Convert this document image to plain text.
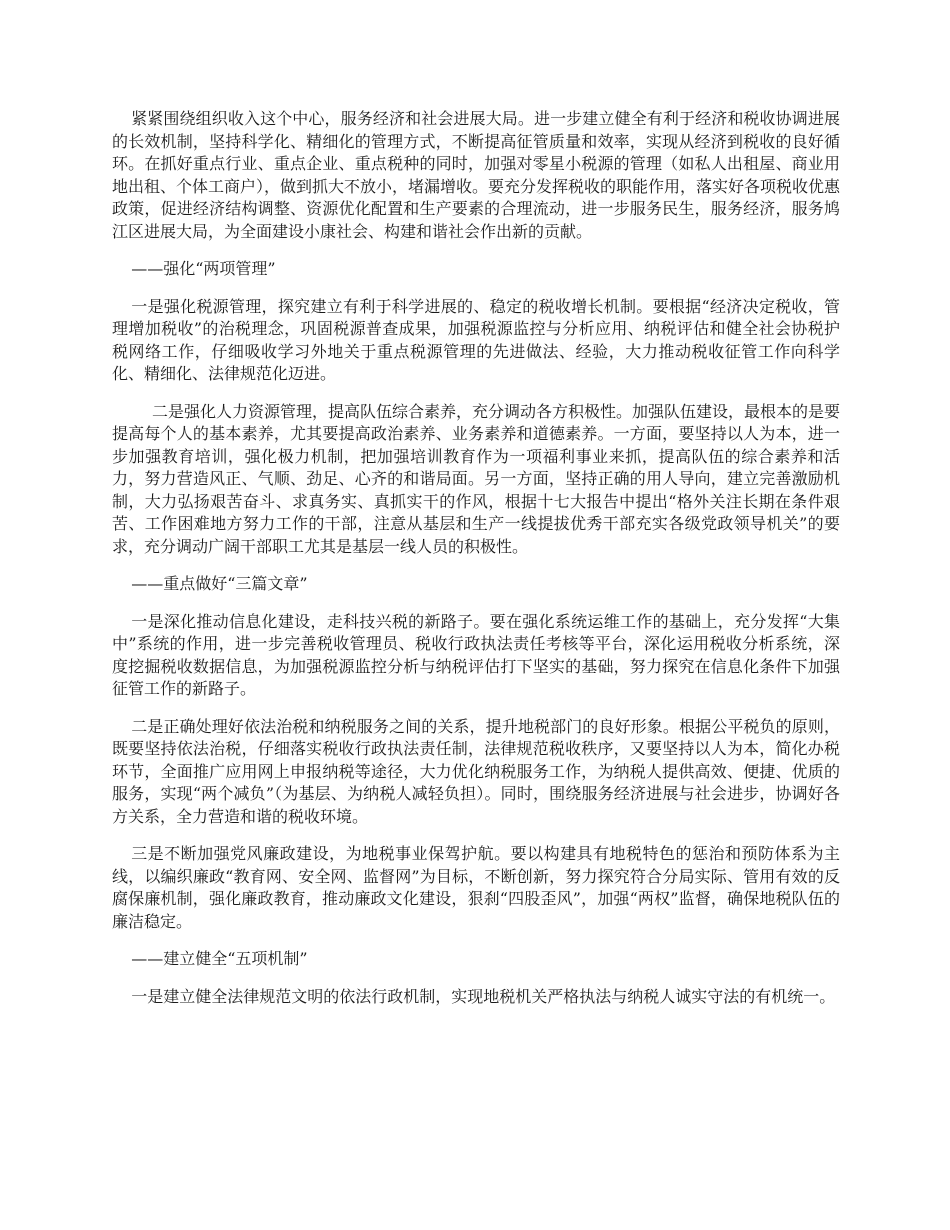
紧紧围绕组织收入这个中心，服务经济和社会进展大局。进一步建立健全有利于经济和税收协调进展的长效机制，坚持科学化、精细化的管理方式，不断提高征管质量和效率，实现从经济到税收的良好循环。在抓好重点行业、重点企业、重点税种的同时，加强对零星小税源的管理（如私人出租屋、商业用地出租、个体工商户），做到抓大不放小，堵漏增收。要充分发挥税收的职能作用，落实好各项税收优惠政策，促进经济结构调整、资源优化配置和生产要素的合理流动，进一步服务民生，服务经济，服务鸠江区进展大局，为全面建设小康社会、构建和谐社会作出新的贡献。

——强化“两项管理”

一是强化税源管理，探究建立有利于科学进展的、稳定的税收增长机制。要根据“经济决定税收，管理增加税收”的治税理念，巩固税源普查成果，加强税源监控与分析应用、纳税评估和健全社会协税护税网络工作，仔细吸收学习外地关于重点税源管理的先进做法、经验，大力推动税收征管工作向科学化、精细化、法律规范化迈进。

二是强化人力资源管理，提高队伍综合素养，充分调动各方积极性。加强队伍建设，最根本的是要提高每个人的基本素养，尤其要提高政治素养、业务素养和道德素养。一方面，要坚持以人为本，进一步加强教育培训，强化极力机制，把加强培训教育作为一项福利事业来抓，提高队伍的综合素养和活力，努力营造风正、气顺、劲足、心齐的和谐局面。另一方面，坚持正确的用人导向，建立完善激励机制，大力弘扬艰苦奋斗、求真务实、真抓实干的作风，根据十七大报告中提出“格外关注长期在条件艰苦、工作困难地方努力工作的干部，注意从基层和生产一线提拔优秀干部充实各级党政领导机关”的要求，充分调动广阔干部职工尤其是基层一线人员的积极性。

——重点做好“三篇文章”

一是深化推动信息化建设，走科技兴税的新路子。要在强化系统运维工作的基础上，充分发挥“大集中”系统的作用，进一步完善税收管理员、税收行政执法责任考核等平台，深化运用税收分析系统，深度挖掘税收数据信息，为加强税源监控分析与纳税评估打下坚实的基础，努力探究在信息化条件下加强征管工作的新路子。

二是正确处理好依法治税和纳税服务之间的关系，提升地税部门的良好形象。根据公平税负的原则，既要坚持依法治税，仔细落实税收行政执法责任制，法律规范税收秩序，又要坚持以人为本，简化办税环节，全面推广应用网上申报纳税等途径，大力优化纳税服务工作，为纳税人提供高效、便捷、优质的服务，实现“两个减负”（为基层、为纳税人减轻负担）。同时，围绕服务经济进展与社会进步，协调好各方关系，全力营造和谐的税收环境。

三是不断加强党风廉政建设，为地税事业保驾护航。要以构建具有地税特色的惩治和预防体系为主线，以编织廉政“教育网、安全网、监督网”为目标，不断创新，努力探究符合分局实际、管用有效的反腐保廉机制，强化廉政教育，推动廉政文化建设，狠刹“四股歪风”，加强“两权”监督，确保地税队伍的廉洁稳定。

——建立健全“五项机制”

一是建立健全法律规范文明的依法行政机制，实现地税机关严格执法与纳税人诚实守法的有机统一。
